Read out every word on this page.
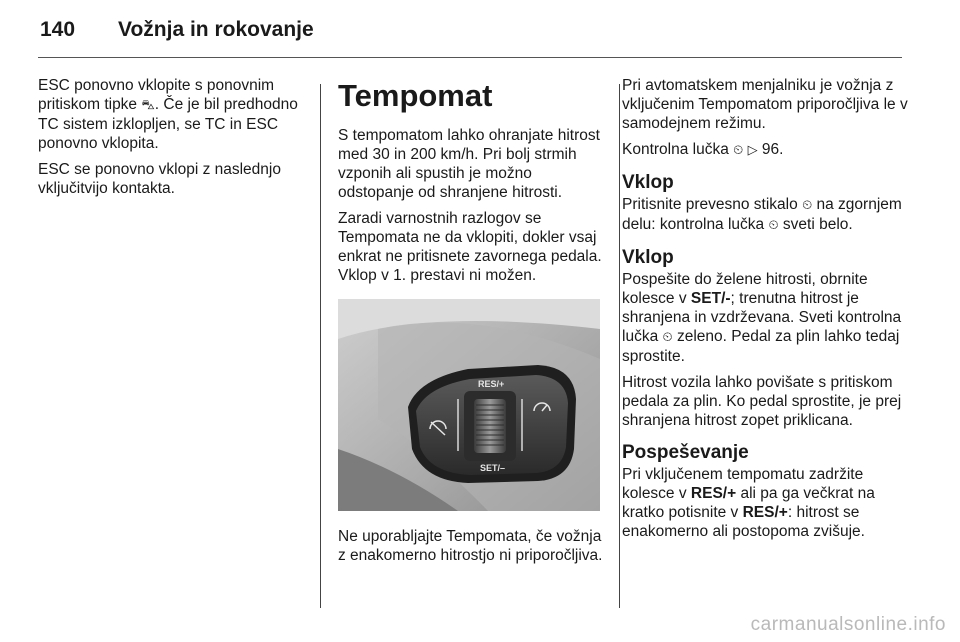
140	Vožnja in rokovanje

ESC ponovno vklopite s ponovnim pritiskom tipke ⛍. Če je bil predhodno TC sistem izklopljen, se TC in ESC ponovno vklopita.

ESC se ponovno vklopi z naslednjo vključitvijo kontakta.

Tempomat

S tempomatom lahko ohranjate hitrost med 30 in 200 km/h. Pri bolj strmih vzponih ali spustih je možno odstopanje od shranjene hitrosti.

Zaradi varnostnih razlogov se Tempomata ne da vklopiti, dokler vsaj enkrat ne pritisnete zavornega pedala. Vklop v 1. prestavi ni možen.

RES/+
SET/–

Ne uporabljajte Tempomata, če vožnja z enakomerno hitrostjo ni priporočljiva.

Pri avtomatskem menjalniku je vožnja z vključenim Tempomatom priporočljiva le v samodejnem režimu.

Kontrolna lučka ⏲ ▷ 96.

Vklop

Pritisnite prevesno stikalo ⏲ na zgornjem delu: kontrolna lučka ⏲ sveti belo.

Vklop

Pospešite do želene hitrosti, obrnite kolesce v SET/-; trenutna hitrost je shranjena in vzdrževana. Sveti kontrolna lučka ⏲ zeleno. Pedal za plin lahko tedaj sprostite.

Hitrost vozila lahko povišate s pritiskom pedala za plin. Ko pedal sprostite, je prej shranjena hitrost zopet priklicana.

Pospeševanje

Pri vključenem tempomatu zadržite kolesce v RES/+ ali pa ga večkrat na kratko potisnite v RES/+: hitrost se enakomerno ali postopoma zvišuje.

carmanualsonline.info
